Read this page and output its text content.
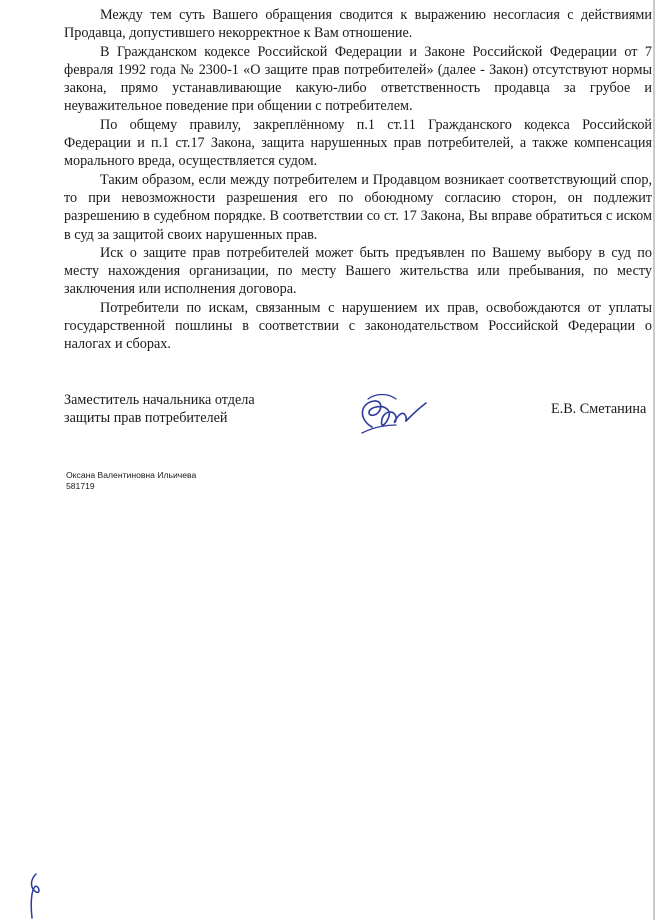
Между тем суть Вашего обращения сводится к выражению несогласия с действиями Продавца, допустившего некорректное к Вам отношение.

В Гражданском кодексе Российской Федерации и Законе Российской Федерации от 7 февраля 1992 года № 2300-1 «О защите прав потребителей» (далее - Закон) отсутствуют нормы закона, прямо устанавливающие какую-либо ответственность продавца за грубое и неуважительное поведение при общении с потребителем.

По общему правилу, закреплённому п.1 ст.11 Гражданского кодекса Российской Федерации и п.1 ст.17 Закона, защита нарушенных прав потребителей, а также компенсация морального вреда, осуществляется судом.

Таким образом, если между потребителем и Продавцом возникает соответствующий спор, то при невозможности разрешения его по обоюдному согласию сторон, он подлежит разрешению в судебном порядке. В соответствии со ст. 17 Закона, Вы вправе обратиться с иском в суд за защитой своих нарушенных прав.

Иск о защите прав потребителей может быть предъявлен по Вашему выбору в суд по месту нахождения организации, по месту Вашего жительства или пребывания, по месту заключения или исполнения договора.

Потребители по искам, связанным с нарушением их прав, освобождаются от уплаты государственной пошлины в соответствии с законодательством Российской Федерации о налогах и сборах.

Заместитель начальника отдела
защиты прав потребителей
Е.В. Сметанина
Оксана Валентиновна Ильичева
581719
